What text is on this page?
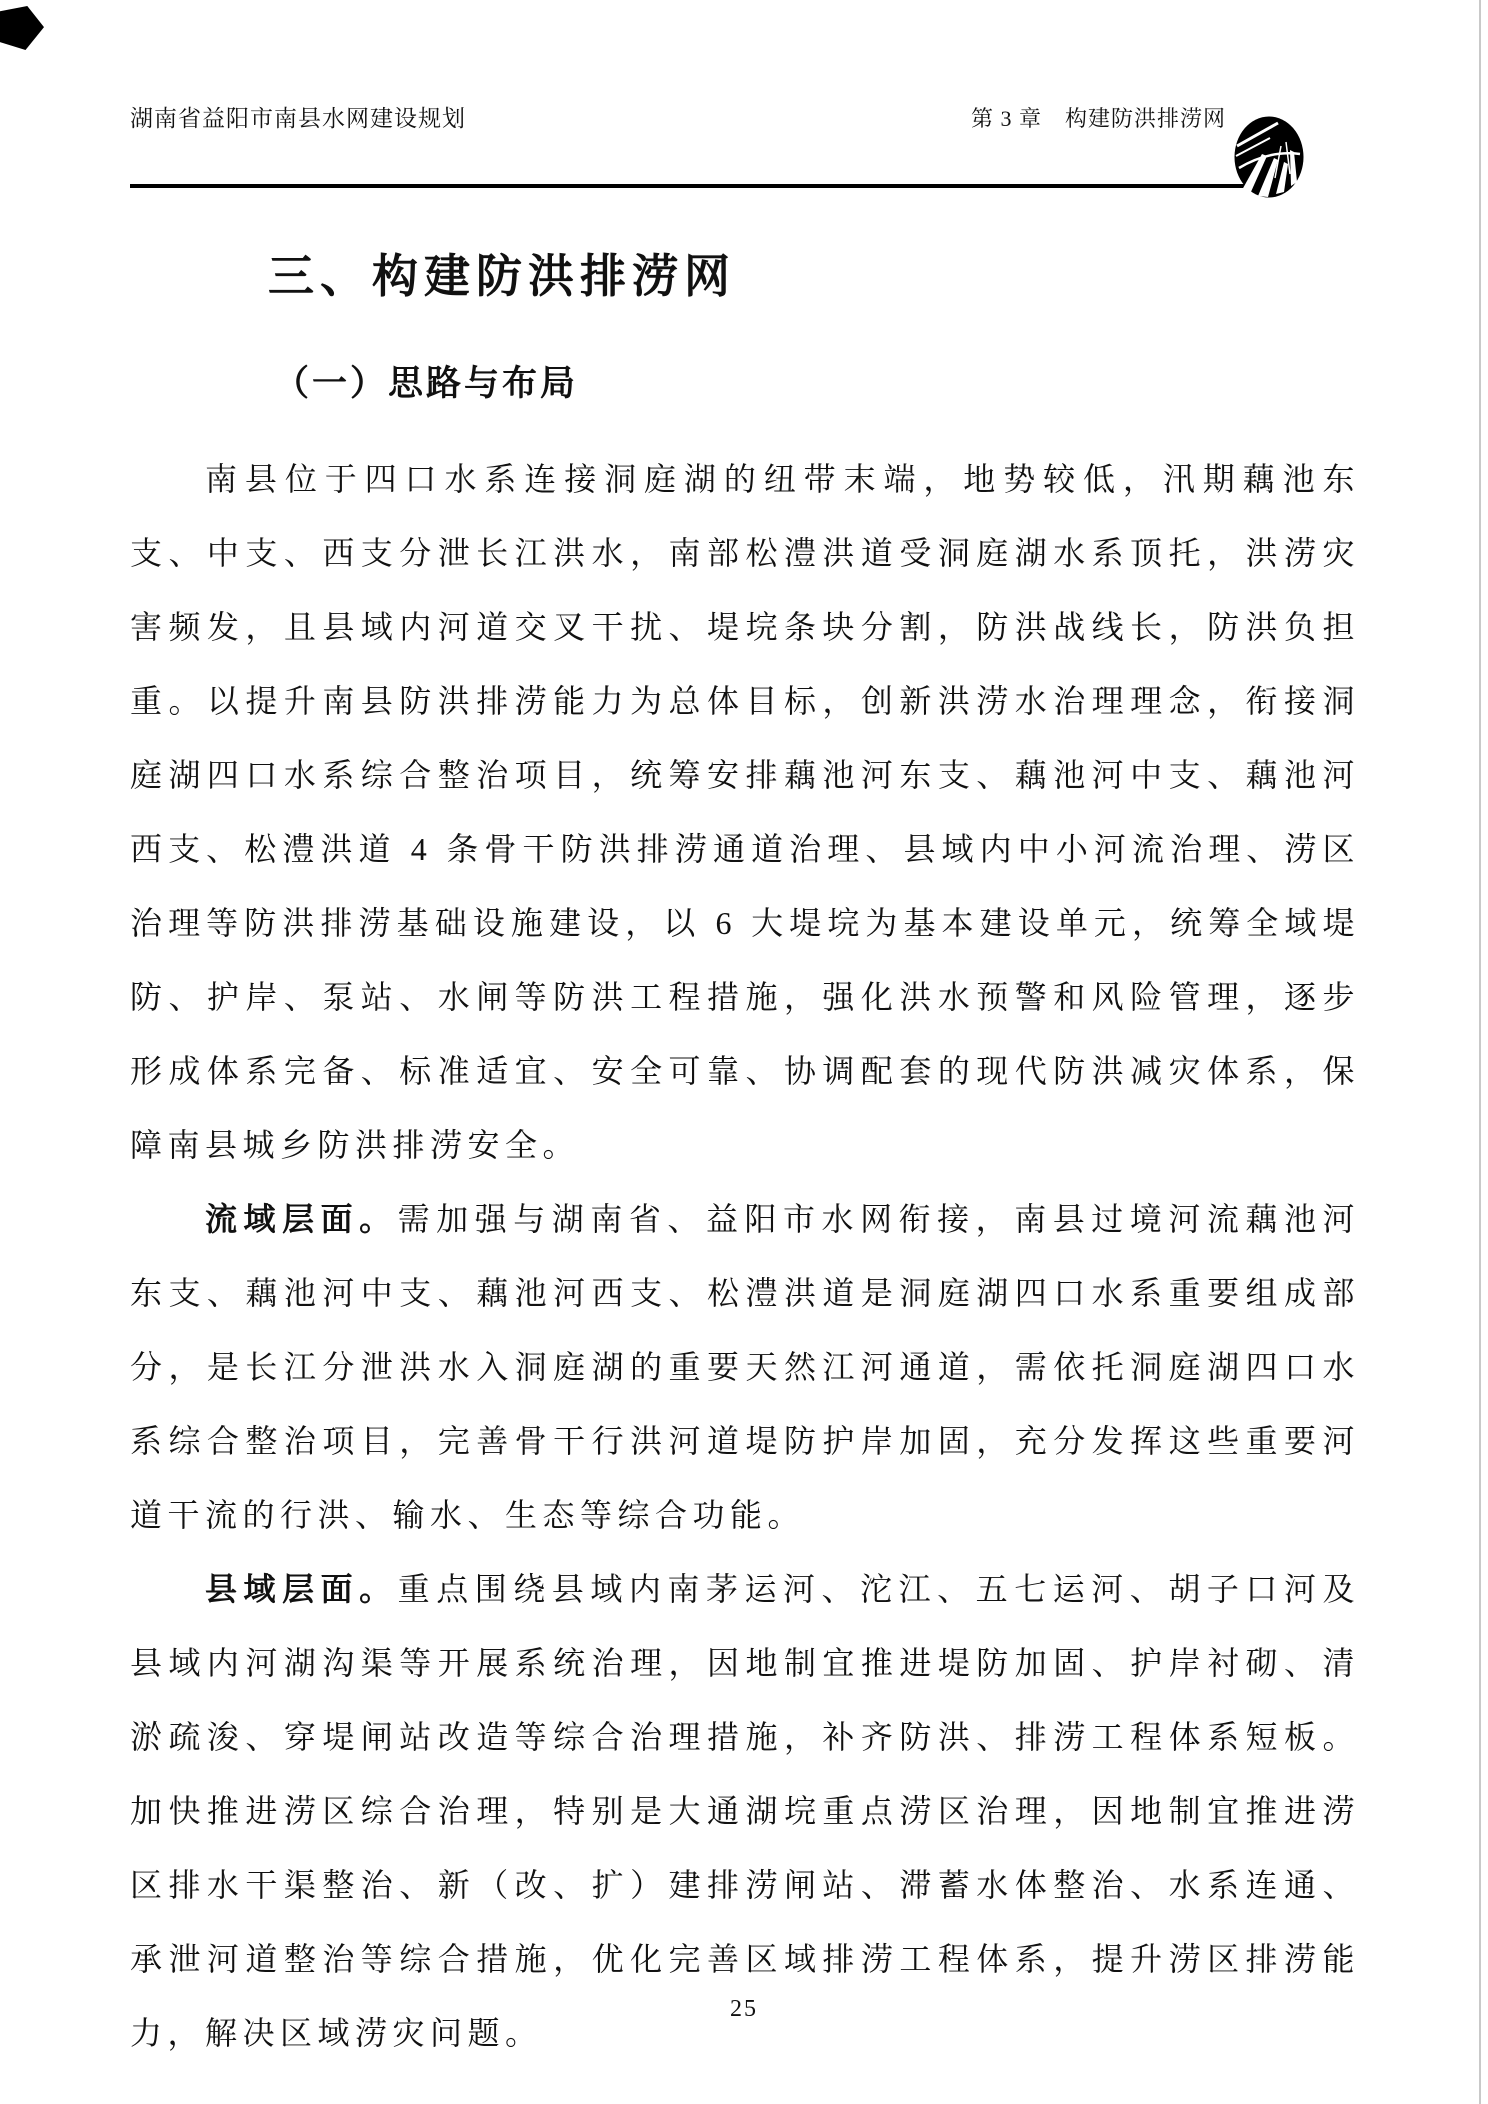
湖南省益阳市南县水网建设规划	第 3 章　构建防洪排涝网
三、构建防洪排涝网
（一）思路与布局

南县位于四口水系连接洞庭湖的纽带末端，地势较低，汛期藕池东支、中支、西支分泄长江洪水，南部松澧洪道受洞庭湖水系顶托，洪涝灾害频发，且县域内河道交叉干扰、堤垸条块分割，防洪战线长，防洪负担重。以提升南县防洪排涝能力为总体目标，创新洪涝水治理理念，衔接洞庭湖四口水系综合整治项目，统筹安排藕池河东支、藕池河中支、藕池河西支、松澧洪道 4 条骨干防洪排涝通道治理、县域内中小河流治理、涝区治理等防洪排涝基础设施建设，以 6 大堤垸为基本建设单元，统筹全域堤防、护岸、泵站、水闸等防洪工程措施，强化洪水预警和风险管理，逐步形成体系完备、标准适宜、安全可靠、协调配套的现代防洪减灾体系，保障南县城乡防洪排涝安全。

流域层面。需加强与湖南省、益阳市水网衔接，南县过境河流藕池河东支、藕池河中支、藕池河西支、松澧洪道是洞庭湖四口水系重要组成部分，是长江分泄洪水入洞庭湖的重要天然江河通道，需依托洞庭湖四口水系综合整治项目，完善骨干行洪河道堤防护岸加固，充分发挥这些重要河道干流的行洪、输水、生态等综合功能。

县域层面。重点围绕县域内南茅运河、沱江、五七运河、胡子口河及县域内河湖沟渠等开展系统治理，因地制宜推进堤防加固、护岸衬砌、清淤疏浚、穿堤闸站改造等综合治理措施，补齐防洪、排涝工程体系短板。加快推进涝区综合治理，特别是大通湖垸重点涝区治理，因地制宜推进涝区排水干渠整治、新（改、扩）建排涝闸站、滞蓄水体整治、水系连通、承泄河道整治等综合措施，优化完善区域排涝工程体系，提升涝区排涝能力，解决区域涝灾问题。

25
